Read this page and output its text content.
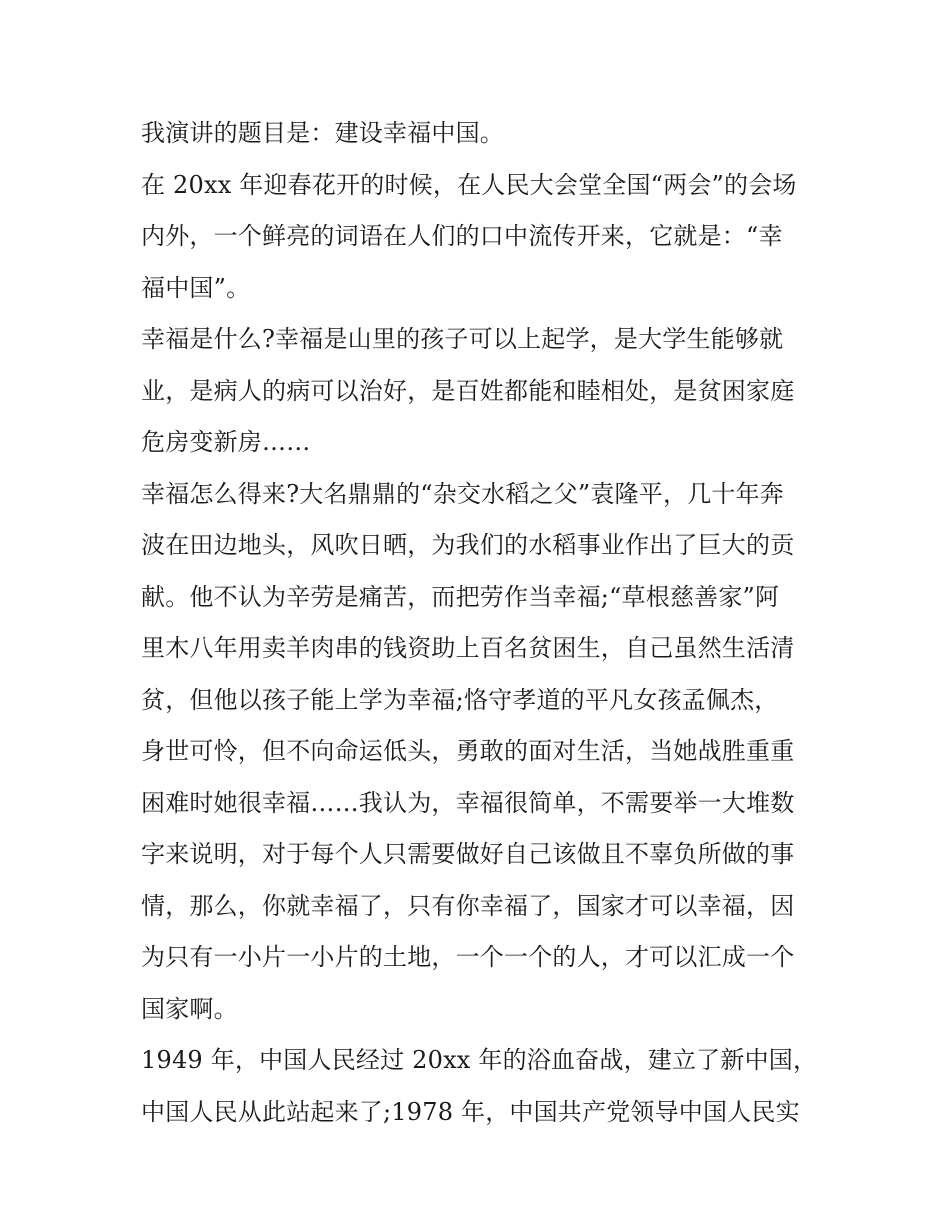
我演讲的题目是：建设幸福中国。
在 20xx 年迎春花开的时候，在人民大会堂全国“两会”的会场
内外，一个鲜亮的词语在人们的口中流传开来，它就是：“幸
福中国”。
幸福是什么?幸福是山里的孩子可以上起学，是大学生能够就
业，是病人的病可以治好，是百姓都能和睦相处，是贫困家庭
危房变新房……
幸福怎么得来?大名鼎鼎的“杂交水稻之父”袁隆平，几十年奔
波在田边地头，风吹日晒，为我们的水稻事业作出了巨大的贡
献。他不认为辛劳是痛苦，而把劳作当幸福;“草根慈善家”阿
里木八年用卖羊肉串的钱资助上百名贫困生，自己虽然生活清
贫，但他以孩子能上学为幸福;恪守孝道的平凡女孩孟佩杰，
身世可怜，但不向命运低头，勇敢的面对生活，当她战胜重重
困难时她很幸福……我认为，幸福很简单，不需要举一大堆数
字来说明，对于每个人只需要做好自己该做且不辜负所做的事
情，那么，你就幸福了，只有你幸福了，国家才可以幸福，因
为只有一小片一小片的土地，一个一个的人，才可以汇成一个
国家啊。
1949 年，中国人民经过 20xx 年的浴血奋战，建立了新中国，
中国人民从此站起来了;1978 年，中国共产党领导中国人民实
